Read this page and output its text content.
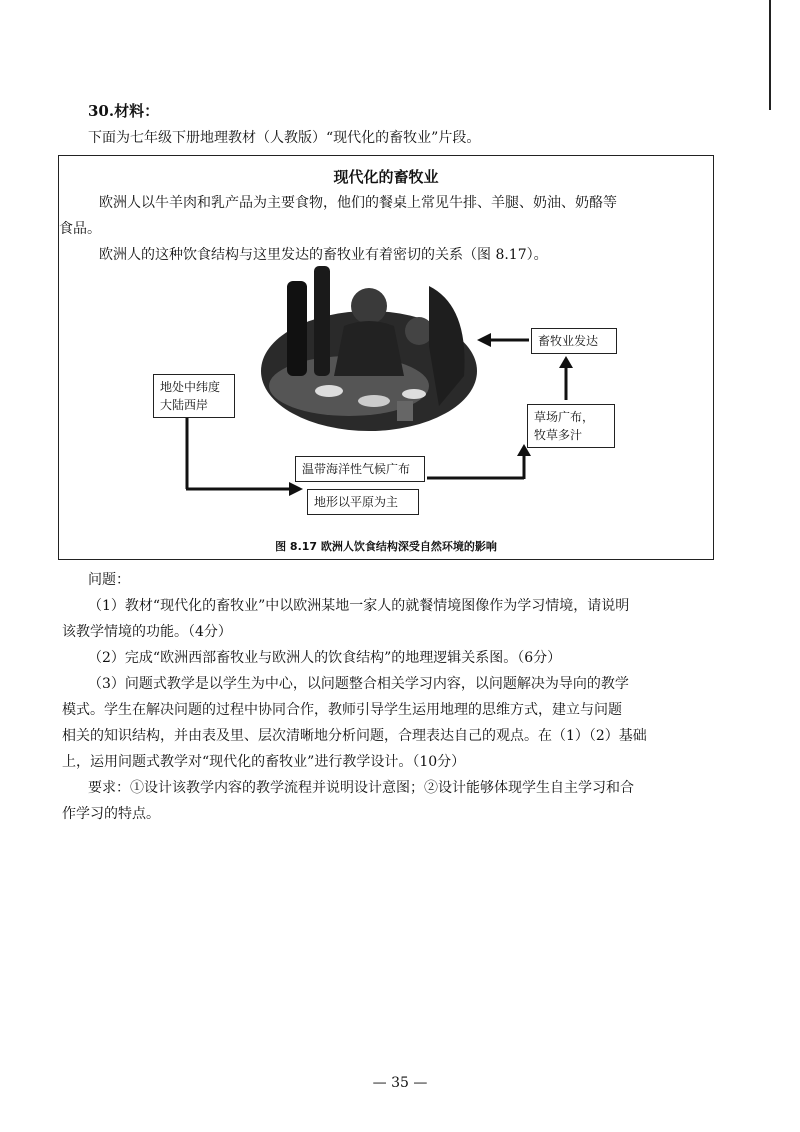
30.材料：
下面为七年级下册地理教材（人教版）“现代化的畜牧业”片段。
现代化的畜牧业
欧洲人以牛羊肉和乳产品为主要食物，他们的餐桌上常见牛排、羊腿、奶油、奶酪等
食品。
欧洲人的这种饮食结构与这里发达的畜牧业有着密切的关系（图 8.17）。
地处中纬度
大陆西岸
温带海洋性气候广布
地形以平原为主
草场广布，
牧草多汁
畜牧业发达
图 8.17 欧洲人饮食结构深受自然环境的影响
问题：
（1）教材“现代化的畜牧业”中以欧洲某地一家人的就餐情境图像作为学习情境，请说明
该教学情境的功能。（4分）
（2）完成“欧洲西部畜牧业与欧洲人的饮食结构”的地理逻辑关系图。（6分）
（3）问题式教学是以学生为中心，以问题整合相关学习内容，以问题解决为导向的教学
模式。学生在解决问题的过程中协同合作，教师引导学生运用地理的思维方式，建立与问题
相关的知识结构，并由表及里、层次清晰地分析问题，合理表达自己的观点。在（1）（2）基础
上，运用问题式教学对“现代化的畜牧业”进行教学设计。（10分）
要求：①设计该教学内容的教学流程并说明设计意图；②设计能够体现学生自主学习和合
作学习的特点。
— 35 —
